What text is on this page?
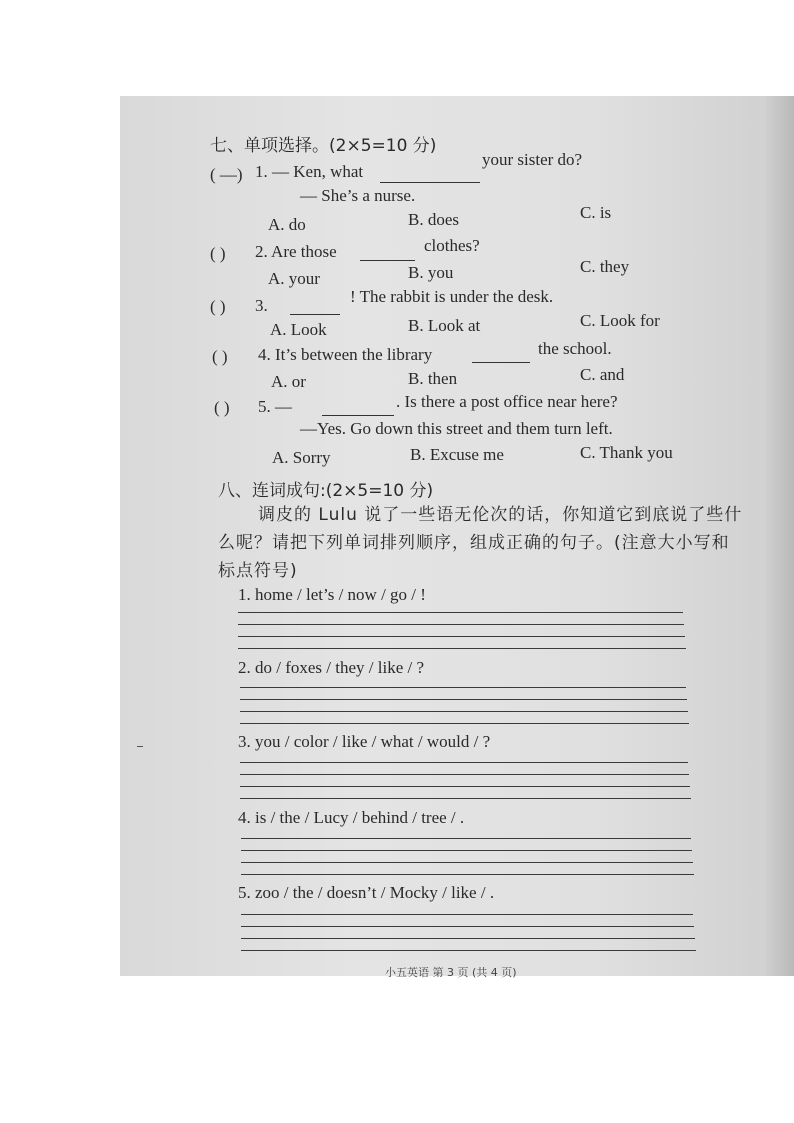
七、单项选择。(2×5=10 分)
( —) 1. — Ken, what

your sister do?
— She’s a nurse.
A. do	B. does	C. is
( ) 2. Are those
	clothes?
A. your	B. you	C. they
( ) 3.
	! The rabbit is under the desk.
A. Look	B. Look at	C. Look for
( ) 4. It’s between the library
	the school.
A. or	B. then	C. and
( ) 5. —
	. Is there a post office near here?
—Yes. Go down this street and them turn left.
A. Sorry	B. Excuse me	C. Thank you
八、连词成句:(2×5=10 分)
调皮的 Lulu 说了一些语无伦次的话，你知道它到底说了些什
么呢？请把下列单词排列顺序，组成正确的句子。(注意大小写和
标点符号)
1. home / let’s / now / go / !
2. do / foxes / they / like / ?
3. you / color / like / what / would / ?
4. is / the / Lucy / behind / tree / .
5. zoo / the / doesn’t / Mocky / like / .
小五英语 第 3 页 (共 4 页)
